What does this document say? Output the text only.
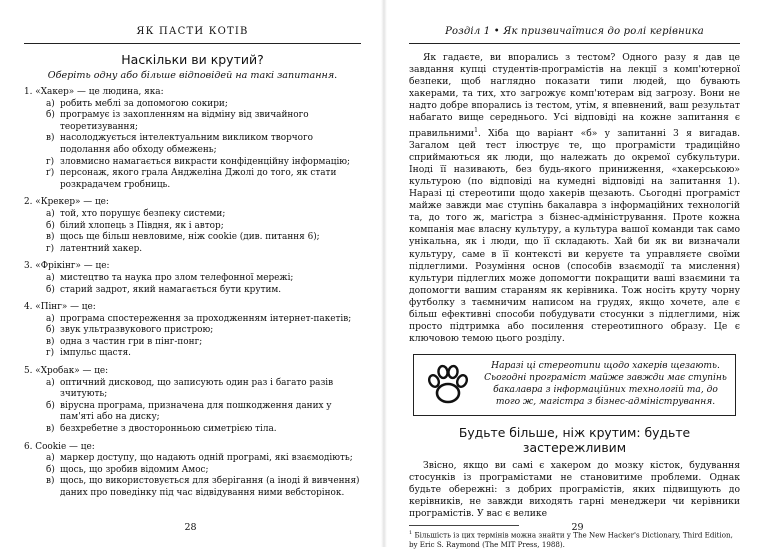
ЯК ПАСТИ КОТІВ
Наскільки ви крутий?
Оберіть одну або більше відповідей на такі запитання.
1. «Хакер» — це людина, яка:
а) робить меблі за допомогою сокири;
б) програмує із захопленням на відміну від звичайного теоретизування;
в) насолоджується інтелектуальним викликом творчого подолання або обходу обмежень;
г) зловмисно намагається викрасти конфіденційну інформацію;
ґ) персонаж, якого грала Анджеліна Джолі до того, як стати розкрадачем гробниць.
2. «Крекер» — це:
а) той, хто порушує безпеку системи;
б) білий хлопець з Півдня, як і автор;
в) щось ще більш невловиме, ніж cookie (див. питання 6);
г) латентний хакер.
3. «Фрікінг» — це:
а) мистецтво та наука про злом телефонної мережі;
б) старий задрот, який намагається бути крутим.
4. «Пінг» — це:
а) програма спостереження за проходженням інтернет-пакетів;
б) звук ультразвукового пристрою;
в) одна з частин гри в пінг-понг;
г) імпульс щастя.
5. «Хробак» — це:
а) оптичний дисковод, що записують один раз і багато разів зчитують;
б) вірусна програма, призначена для пошкодження даних у пам'яті або на диску;
в) безхребетне з двосторонньою симетрією тіла.
6. Cookie — це:
а) маркер доступу, що надають одній програмі, які взаємодіють;
б) щось, що зробив відомим Амос;
в) щось, що використовується для зберігання (а іноді й вивчення) даних про поведінку під час відвідування ними вебсторінок.
28
Розділ 1 • Як призвичаїтися до ролі керівника

Як гадаєте, ви впорались з тестом? Одного разу я дав це завдання купці студентів-програмістів на лекції з комп'ютерної безпеки, щоб наглядно показати типи людей, що бувають хакерами, та тих, хто загрожує комп'ютерам від загрозу. Вони не надто добре впорались із тестом, утім, я впевнений, ваш результат набагато вище середнього. Усі відповіді на кожне запитання є правильними$^1$. Хіба що варіант «б» у запитанні 3 я вигадав. Загалом цей тест ілюструє те, що програмісти традиційно сприймаються як люди, що належать до окремої субкультури. Іноді її називають, без будь-якого приниження, «хакерською» культурою (по відповіді на кумедні відповіді на запитання 1). Наразі ці стереотипи щодо хакерів щезають. Сьогодні програміст майже завжди має ступінь бакалавра з інформаційних технологій та, до того ж, магістра з бізнес-адміністрування. Проте кожна компанія має власну культуру, а культура вашої команди так само унікальна, як і люди, що її складають. Хай би як ви визначали культуру, саме в її контексті ви керуєте та управляєте своїми підлеглими. Розуміння основ (способів взаємодії та мислення) культури підлеглих може допомогти покращити ваші взаємини та допомогти вашим стараням як керівника. Тож носіть круту чорну футболку з таємничим написом на грудях, якщо хочете, але є більш ефективні способи побудувати стосунки з підлеглими, ніж просто підтримка або посилення стереотипного образу. Це є ключовою темою цього розділу.

Наразі ці стереотипи щодо хакерів щезають. Сьогодні програміст майже завжди має ступінь бакалавра з інформаційних технологій та, до того ж, магістра з бізнес-адміністрування.
Будьте більше, ніж крутим: будьте застережливим

Звісно, якщо ви самі є хакером до мозку кісток, будування стосунків із програмістами не становитиме проблеми. Однак будьте обережні: з добрих програмістів, яких підвищують до керівників, не завжди виходять гарні менеджери чи керівники програмістів. У вас є велике

$^1$ Більшість із цих термінів можна знайти у The New Hacker's Dictionary, Third Edition, by Eric S. Raymond (The MIT Press, 1988).
29
